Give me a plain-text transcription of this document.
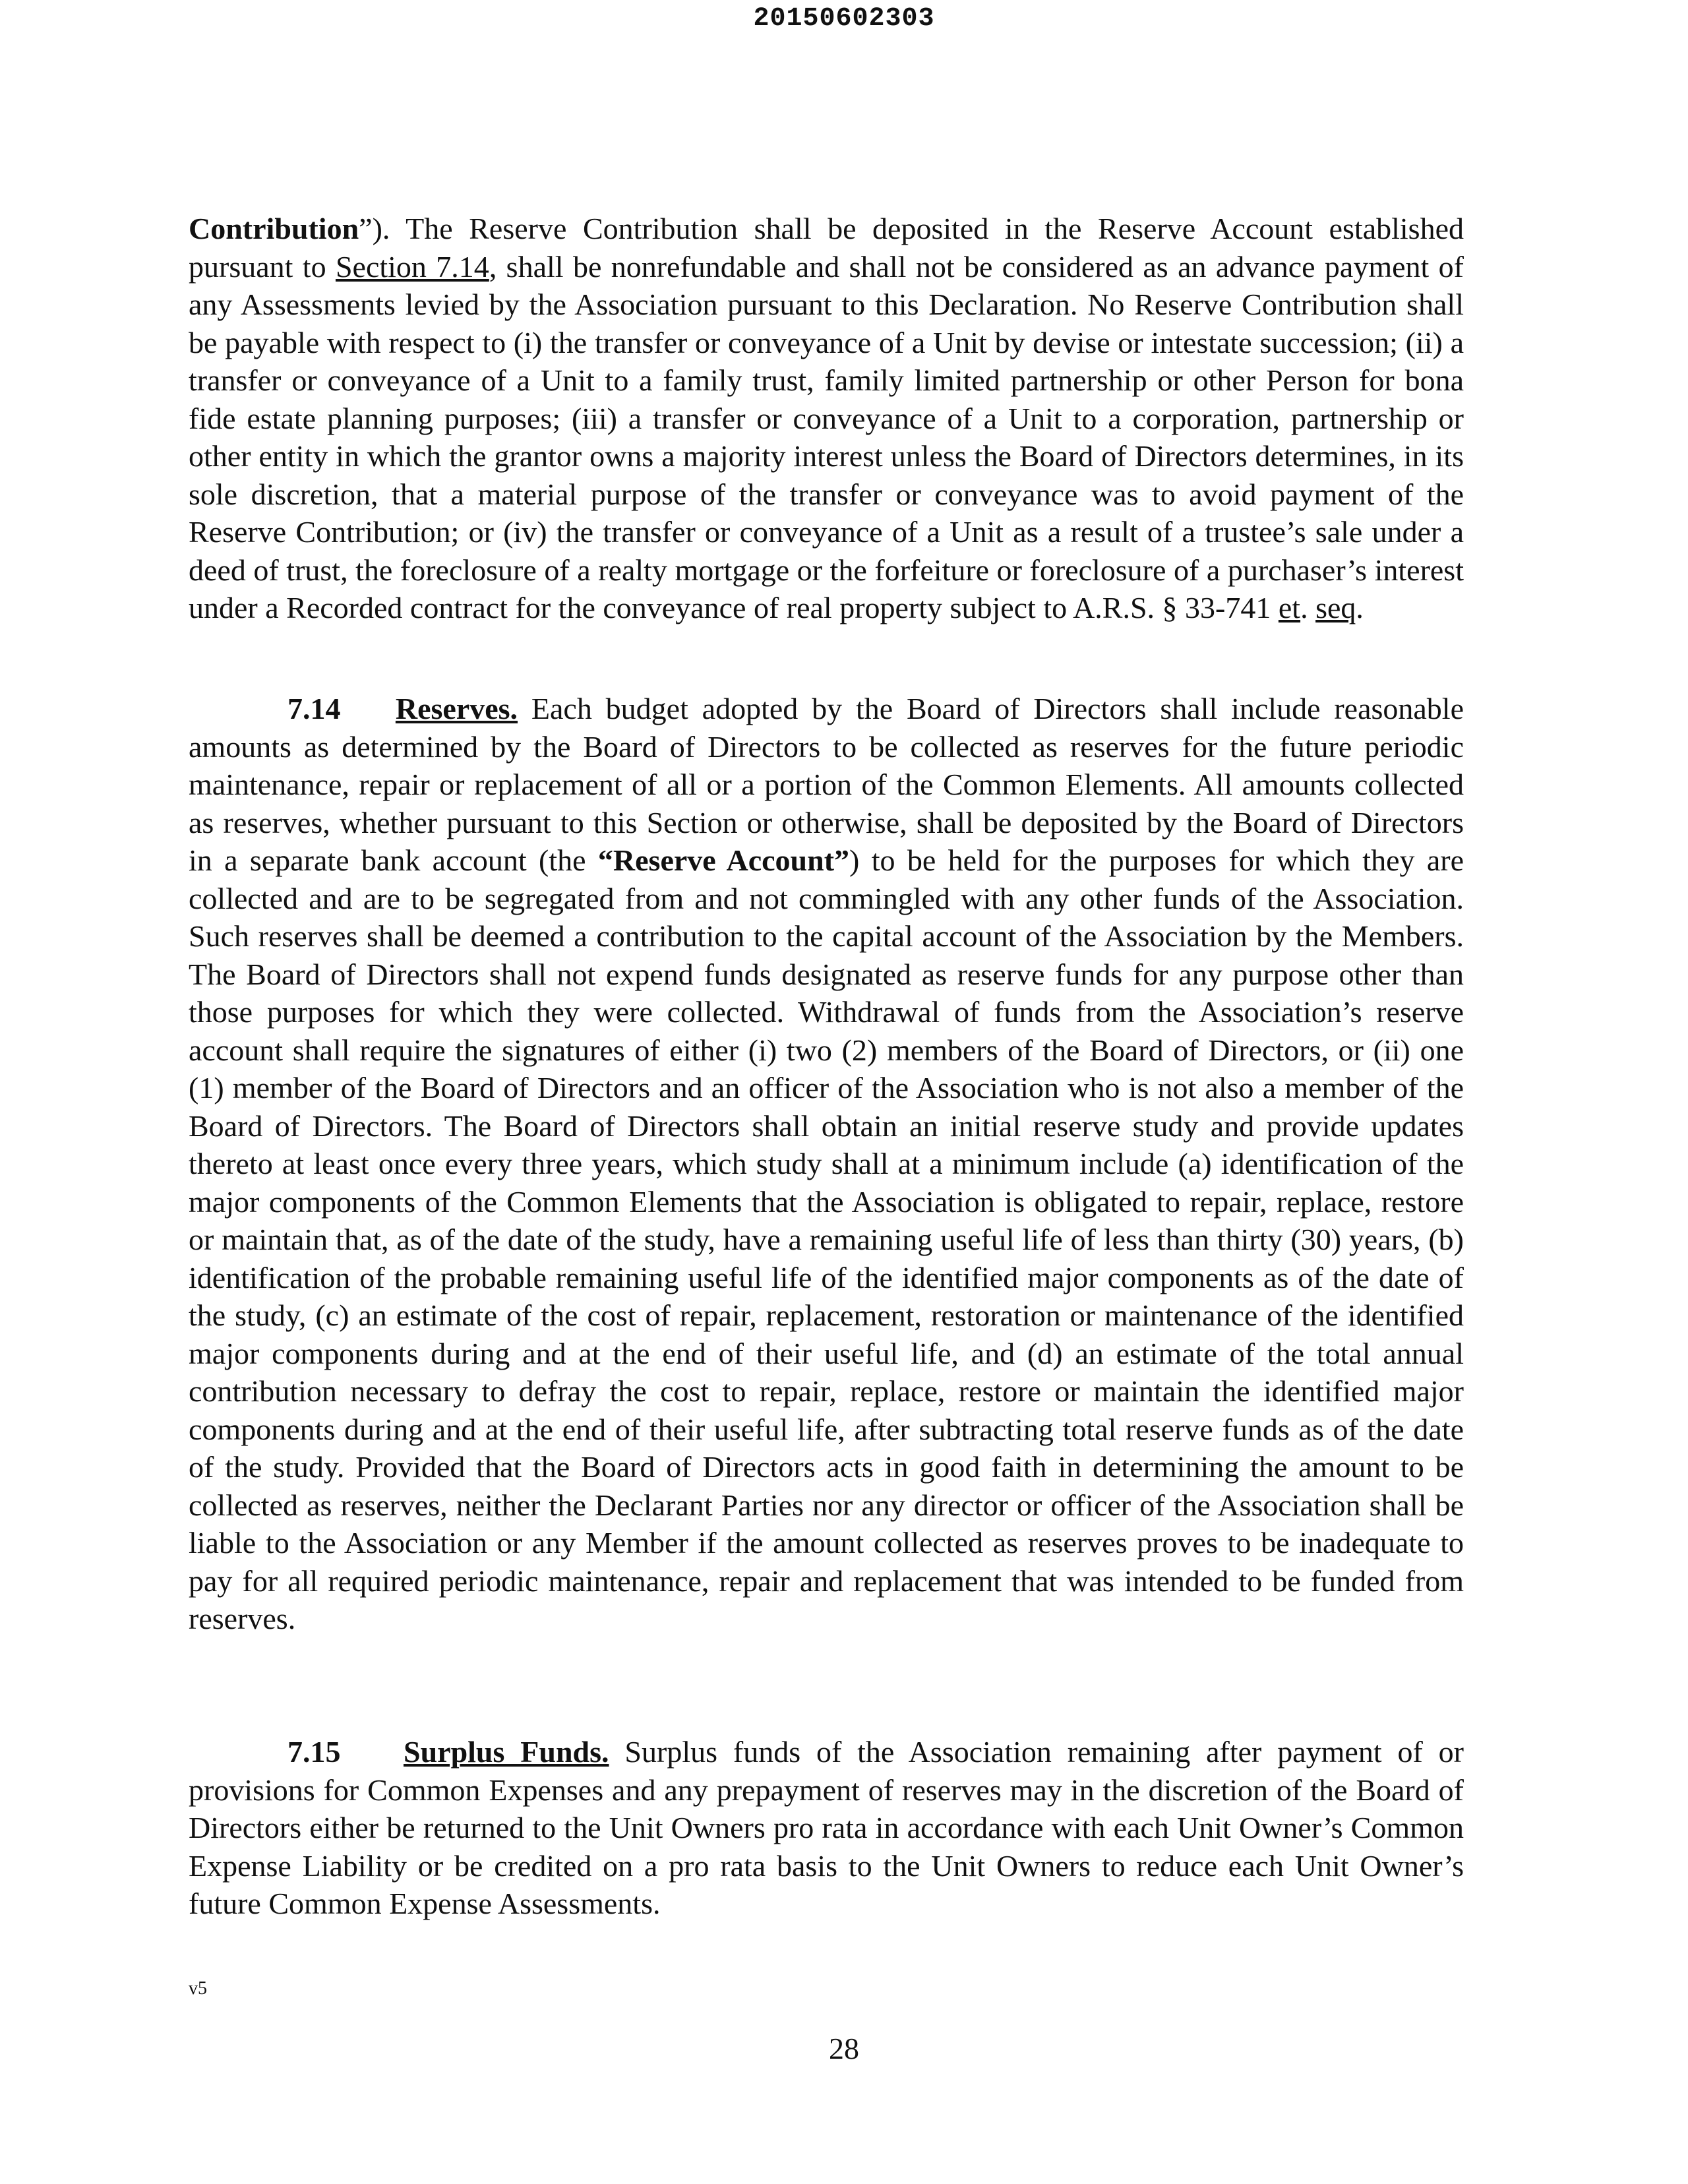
20150602303

Contribution”). The Reserve Contribution shall be deposited in the Reserve Account established pursuant to Section 7.14, shall be nonrefundable and shall not be considered as an advance payment of any Assessments levied by the Association pursuant to this Declaration. No Reserve Contribution shall be payable with respect to (i) the transfer or conveyance of a Unit by devise or intestate succession; (ii) a transfer or conveyance of a Unit to a family trust, family limited partnership or other Person for bona fide estate planning purposes; (iii) a transfer or conveyance of a Unit to a corporation, partnership or other entity in which the grantor owns a majority interest unless the Board of Directors determines, in its sole discretion, that a material purpose of the transfer or conveyance was to avoid payment of the Reserve Contribution; or (iv) the transfer or conveyance of a Unit as a result of a trustee’s sale under a deed of trust, the foreclosure of a realty mortgage or the forfeiture or foreclosure of a purchaser’s interest under a Recorded contract for the conveyance of real property subject to A.R.S. § 33-741 et. seq.

7.14 Reserves. Each budget adopted by the Board of Directors shall include reasonable amounts as determined by the Board of Directors to be collected as reserves for the future periodic maintenance, repair or replacement of all or a portion of the Common Elements. All amounts collected as reserves, whether pursuant to this Section or otherwise, shall be deposited by the Board of Directors in a separate bank account (the “Reserve Account”) to be held for the purposes for which they are collected and are to be segregated from and not commingled with any other funds of the Association. Such reserves shall be deemed a contribution to the capital account of the Association by the Members. The Board of Directors shall not expend funds designated as reserve funds for any purpose other than those purposes for which they were collected. Withdrawal of funds from the Association’s reserve account shall require the signatures of either (i) two (2) members of the Board of Directors, or (ii) one (1) member of the Board of Directors and an officer of the Association who is not also a member of the Board of Directors. The Board of Directors shall obtain an initial reserve study and provide updates thereto at least once every three years, which study shall at a minimum include (a) identification of the major components of the Common Elements that the Association is obligated to repair, replace, restore or maintain that, as of the date of the study, have a remaining useful life of less than thirty (30) years, (b) identification of the probable remaining useful life of the identified major components as of the date of the study, (c) an estimate of the cost of repair, replacement, restoration or maintenance of the identified major components during and at the end of their useful life, and (d) an estimate of the total annual contribution necessary to defray the cost to repair, replace, restore or maintain the identified major components during and at the end of their useful life, after subtracting total reserve funds as of the date of the study. Provided that the Board of Directors acts in good faith in determining the amount to be collected as reserves, neither the Declarant Parties nor any director or officer of the Association shall be liable to the Association or any Member if the amount collected as reserves proves to be inadequate to pay for all required periodic maintenance, repair and replacement that was intended to be funded from reserves.

7.15 Surplus Funds. Surplus funds of the Association remaining after payment of or provisions for Common Expenses and any prepayment of reserves may in the discretion of the Board of Directors either be returned to the Unit Owners pro rata in accordance with each Unit Owner’s Common Expense Liability or be credited on a pro rata basis to the Unit Owners to reduce each Unit Owner’s future Common Expense Assessments.

v5
28
